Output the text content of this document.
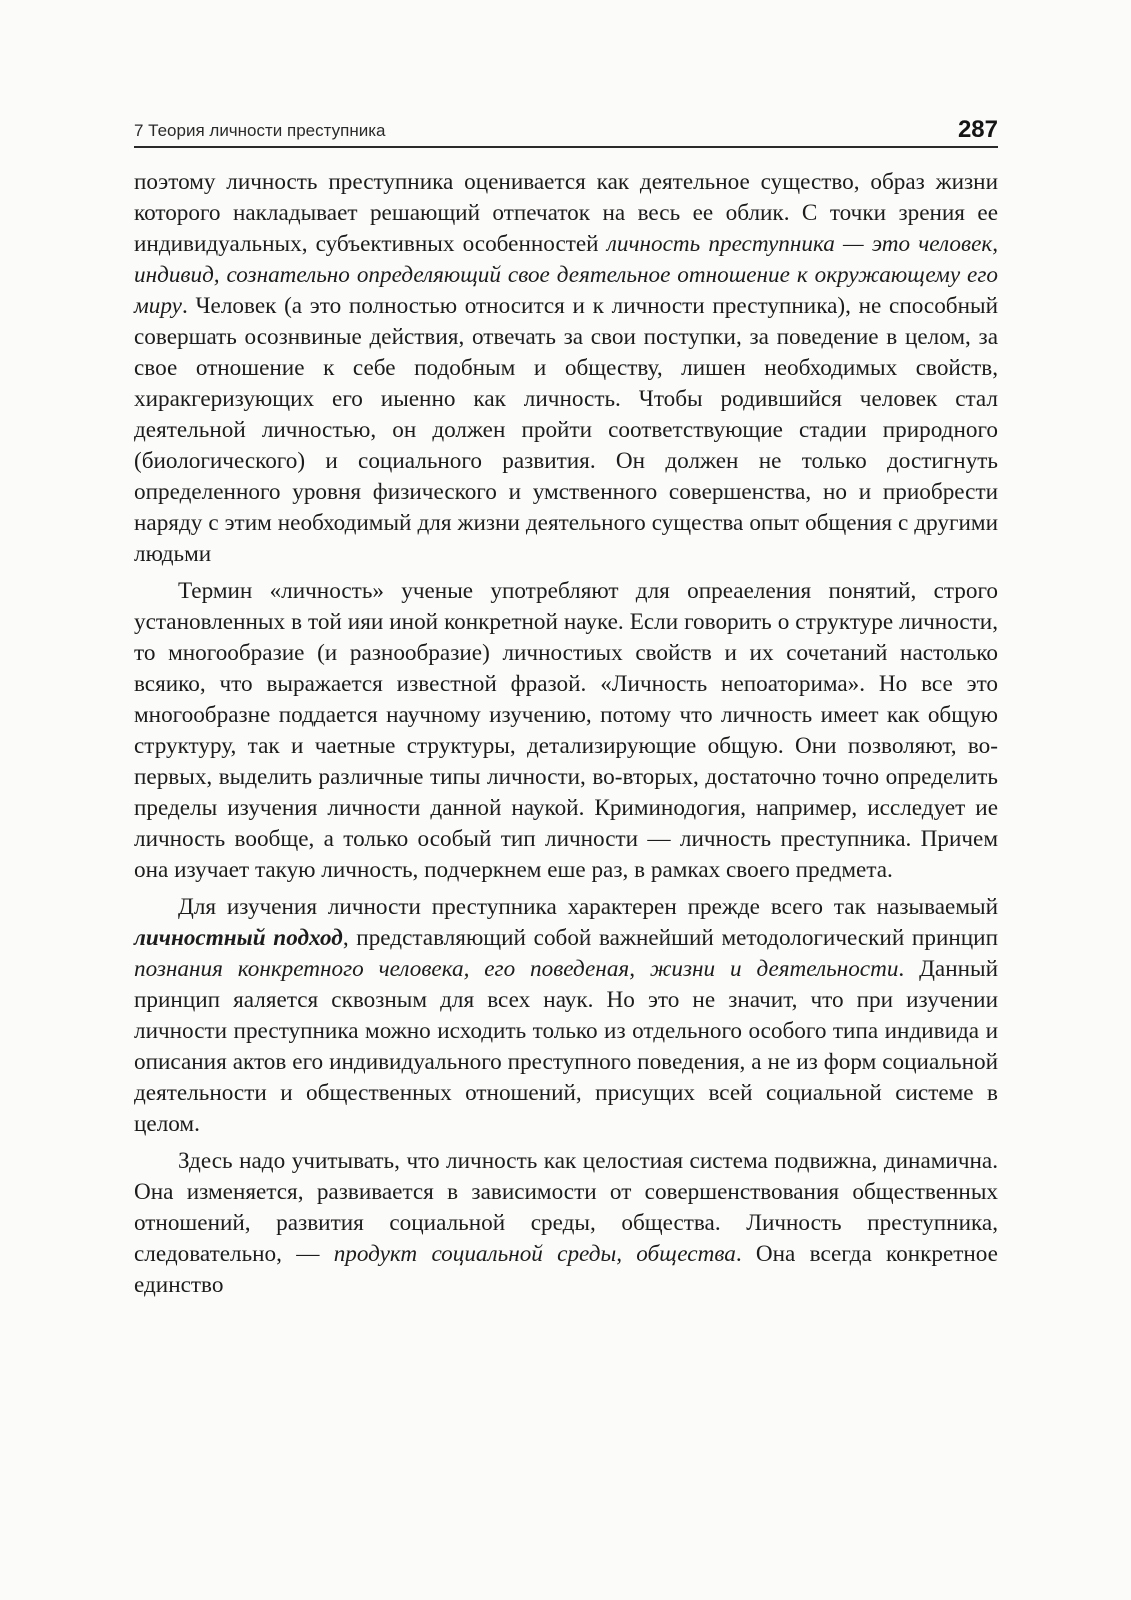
7 Теория личности преступника	287

поэтому личность преступника оценивается как деятельное существо, образ жизни которого накладывает решающий отпечаток на весь ее облик. С точки зрения ее индивидуальных, субъективных особенностей личность преступника — это человек, индивид, сознательно определяющий свое деятельное отношение к окружающему его миру. Человек (а это полностью относится и к личности преступника), не способный совершать осознвиные действия, отвечать за свои поступки, за поведение в целом, за свое отношение к себе подобным и обществу, лишен необходимых свойств, хиракгеризующих его иыенно как личность. Чтобы родившийся человек стал деятельной личностью, он должен пройти соответствующие стадии природного (биологического) и социального развития. Он должен не только достигнуть определенного уровня физического и умственного совершенства, но и приобрести наряду с этим необходимый для жизни деятельного существа опыт общения с другими людьми

Термин «личность» ученые употребляют для опреаеления понятий, строго установленных в той ияи иной конкретной науке. Если говорить о структуре личности, то многообразие (и разнообразие) личностиых свойств и их сочетаний настолько всяико, что выражается известной фразой. «Личность непоаторима». Но все это многообразне поддается научному изучению, потому что личность имеет как общую структуру, так и чаетные структуры, детализирующие общую. Они позволяют, во-первых, выделить различные типы личности, во-вторых, достаточно точно определить пределы изучения личности данной наукой. Криминодогия, например, исследует ие личность вообще, а только особый тип личности — личность преступника. Причем она изучает такую личность, подчеркнем еше раз, в рамках своего предмета.

Для изучения личности преступника характерен прежде всего так называемый личностный подход, представляющий собой важнейший методологический принцип познания конкретного человека, его поведеная, жизни и деятельности. Данный принцип яаляется сквозным для всех наук. Но это не значит, что при изучении личности преступника можно исходить только из отдельного особого типа индивида и описания актов его индивидуального преступного поведения, а не из форм социальной деятельности и общественных отношений, присущих всей социальной системе в целом.

Здесь надо учитывать, что личность как целостиая система подвижна, динамична. Она изменяется, развивается в зависимости от совершенствования общественных отношений, развития социальной среды, общества. Личность преступника, следовательно, — продукт социальной среды, общества. Она всегда конкретное единство
